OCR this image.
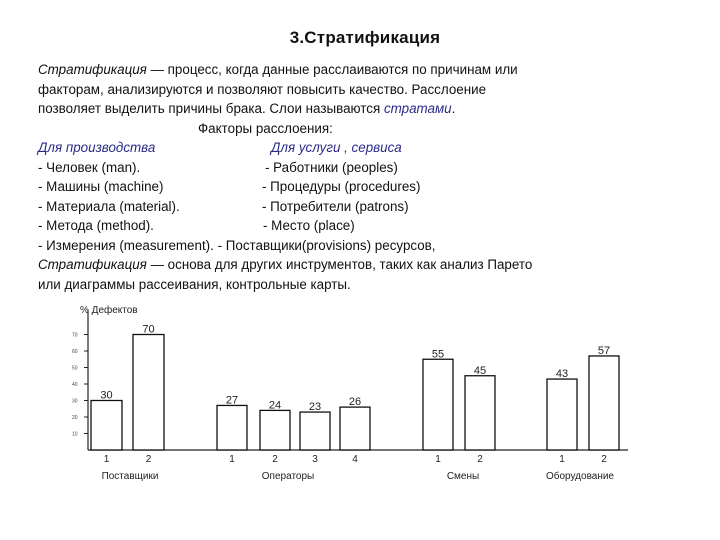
3.Стратификация
Стратификация — процесс, когда данные расслаиваются по причинам или
факторам, анализируются и позволяют повысить качество. Расслоение
позволяет выделить причины брака. Слои называются стратами.
Факторы расслоения:
Для производства	Для услуги , сервиса
- Человек (man).	- Работники (peoples)
- Машины (machine)	- Процедуры (procedures)
- Материала (material).	- Потребители (patrons)
- Метода (method).	- Место (place)
- Измерения (measurement). - Поставщики(provisions) ресурсов,
Стратификация — основа для других инструментов, таких как анализ Парето
или диаграммы рассеивания, контрольные карты.
% Дефектов
10
20
30
40
50
60
70
30
1
70
2
Поставщики
27
1
24
2
23
3
26
4
Операторы
55
1
45
2
Смены
43
1
57
2
Оборудование
